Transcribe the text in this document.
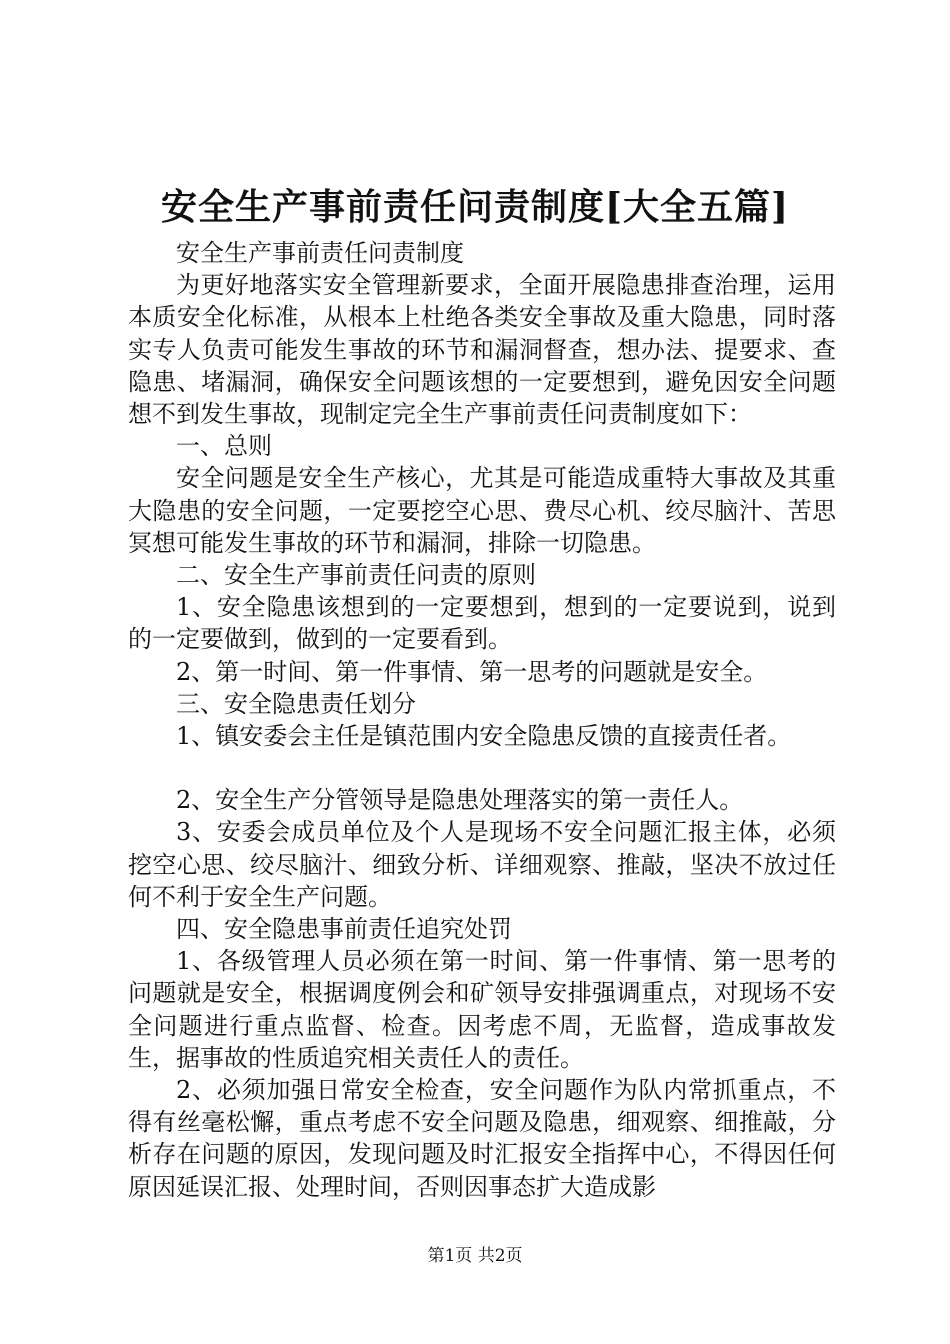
安全生产事前责任问责制度[大全五篇]

安全生产事前责任问责制度

为更好地落实安全管理新要求，全面开展隐患排查治理，运用本质安全化标准，从根本上杜绝各类安全事故及重大隐患，同时落实专人负责可能发生事故的环节和漏洞督查，想办法、提要求、查隐患、堵漏洞，确保安全问题该想的一定要想到，避免因安全问题想不到发生事故，现制定完全生产事前责任问责制度如下：

一、总则

安全问题是安全生产核心，尤其是可能造成重特大事故及其重大隐患的安全问题，一定要挖空心思、费尽心机、绞尽脑汁、苦思冥想可能发生事故的环节和漏洞，排除一切隐患。

二、安全生产事前责任问责的原则

1、安全隐患该想到的一定要想到，想到的一定要说到，说到的一定要做到，做到的一定要看到。

2、第一时间、第一件事情、第一思考的问题就是安全。

三、安全隐患责任划分

1、镇安委会主任是镇范围内安全隐患反馈的直接责任者。

2、安全生产分管领导是隐患处理落实的第一责任人。

3、安委会成员单位及个人是现场不安全问题汇报主体，必须挖空心思、绞尽脑汁、细致分析、详细观察、推敲，坚决不放过任何不利于安全生产问题。

四、安全隐患事前责任追究处罚

1、各级管理人员必须在第一时间、第一件事情、第一思考的问题就是安全，根据调度例会和矿领导安排强调重点，对现场不安全问题进行重点监督、检查。因考虑不周，无监督，造成事故发生，据事故的性质追究相关责任人的责任。

2、必须加强日常安全检查，安全问题作为队内常抓重点，不得有丝毫松懈，重点考虑不安全问题及隐患，细观察、细推敲，分析存在问题的原因，发现问题及时汇报安全指挥中心，不得因任何原因延误汇报、处理时间，否则因事态扩大造成影

第1页 共2页
